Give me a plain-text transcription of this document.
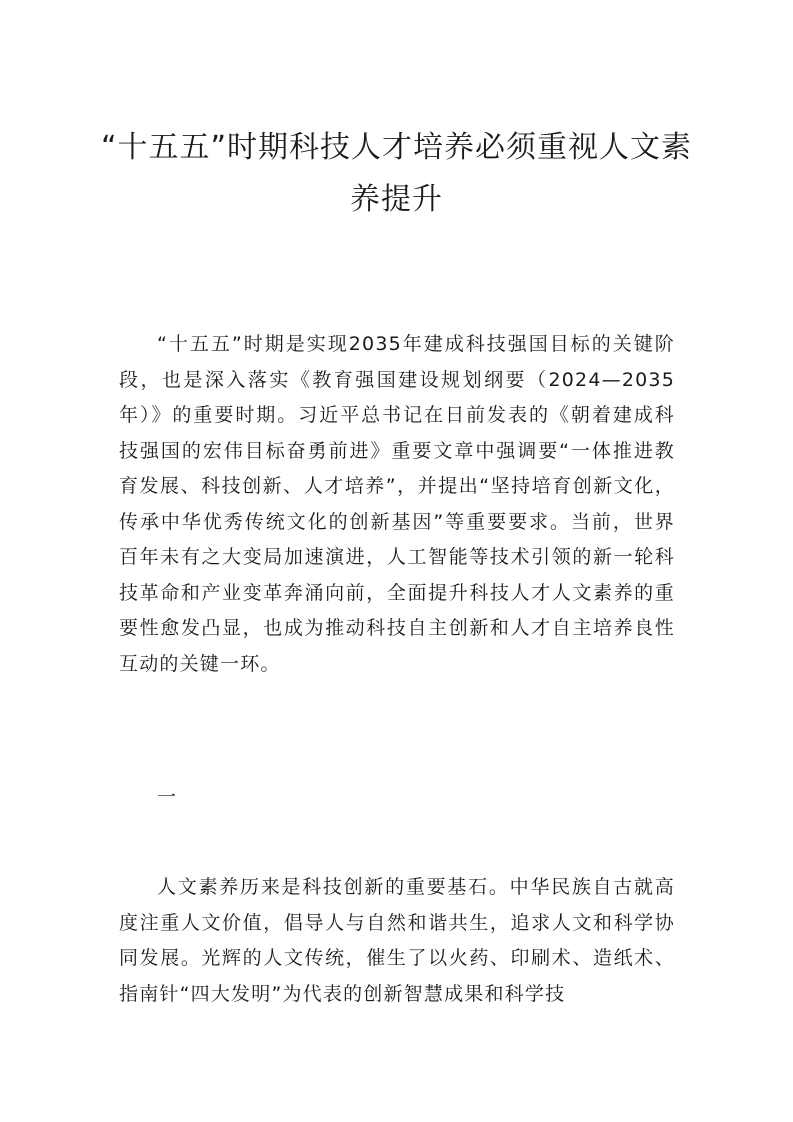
“十五五”时期科技人才培养必须重视人文素养提升

“十五五”时期是实现2035年建成科技强国目标的关键阶段，也是深入落实《教育强国建设规划纲要（2024—2035年）》的重要时期。习近平总书记在日前发表的《朝着建成科技强国的宏伟目标奋勇前进》重要文章中强调要“一体推进教育发展、科技创新、人才培养”，并提出“坚持培育创新文化，传承中华优秀传统文化的创新基因”等重要要求。当前，世界百年未有之大变局加速演进，人工智能等技术引领的新一轮科技革命和产业变革奔涌向前，全面提升科技人才人文素养的重要性愈发凸显，也成为推动科技自主创新和人才自主培养良性互动的关键一环。

一

人文素养历来是科技创新的重要基石。中华民族自古就高度注重人文价值，倡导人与自然和谐共生，追求人文和科学协同发展。光辉的人文传统，催生了以火药、印刷术、造纸术、指南针“四大发明”为代表的创新智慧成果和科学技
